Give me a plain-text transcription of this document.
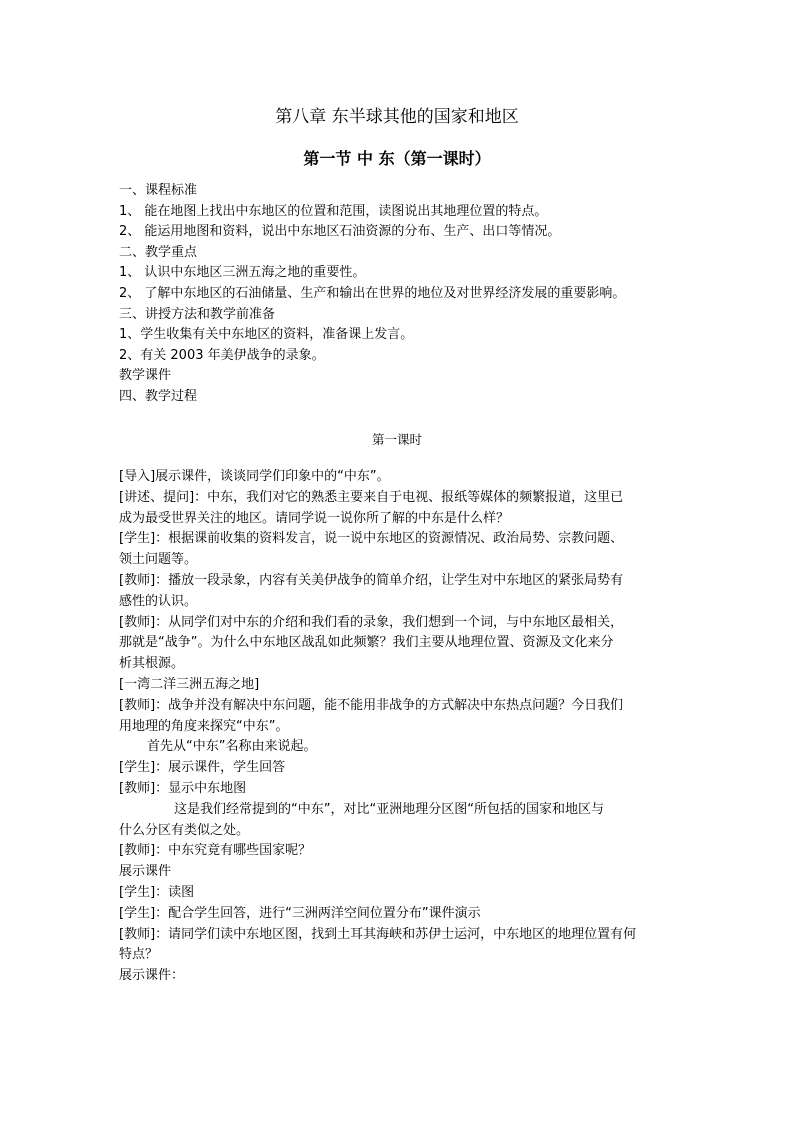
第八章 东半球其他的国家和地区
第一节 中 东（第一课时）

一、课程标准

1、 能在地图上找出中东地区的位置和范围，读图说出其地理位置的特点。

2、 能运用地图和资料，说出中东地区石油资源的分布、生产、出口等情况。

二、教学重点

1、 认识中东地区三洲五海之地的重要性。

2、 了解中东地区的石油储量、生产和输出在世界的地位及对世界经济发展的重要影响。

三、讲授方法和教学前准备

1、学生收集有关中东地区的资料，准备课上发言。

2、有关 2003 年美伊战争的录象。

教学课件

四、教学过程

第一课时

[导入]展示课件，谈谈同学们印象中的“中东”。

[讲述、提问]：中东，我们对它的熟悉主要来自于电视、报纸等媒体的频繁报道，这里已

成为最受世界关注的地区。请同学说一说你所了解的中东是什么样？

[学生]：根据课前收集的资料发言，说一说中东地区的资源情况、政治局势、宗教问题、

领土问题等。

[教师]：播放一段录象，内容有关美伊战争的简单介绍，让学生对中东地区的紧张局势有

感性的认识。

[教师]：从同学们对中东的介绍和我们看的录象，我们想到一个词，与中东地区最相关，

那就是“战争”。为什么中东地区战乱如此频繁？我们主要从地理位置、资源及文化来分

析其根源。

[一湾二洋三洲五海之地]

[教师]：战争并没有解决中东问题，能不能用非战争的方式解决中东热点问题？今日我们

用地理的角度来探究“中东”。

首先从“中东”名称由来说起。

[学生]：展示课件，学生回答

[教师]：显示中东地图

这是我们经常提到的“中东”，对比“亚洲地理分区图“所包括的国家和地区与

什么分区有类似之处。

[教师]：中东究竟有哪些国家呢？

展示课件

[学生]：读图

[学生]：配合学生回答，进行“三洲两洋空间位置分布”课件演示

[教师]：请同学们读中东地区图，找到土耳其海峡和苏伊士运河，中东地区的地理位置有何

特点？

展示课件：
